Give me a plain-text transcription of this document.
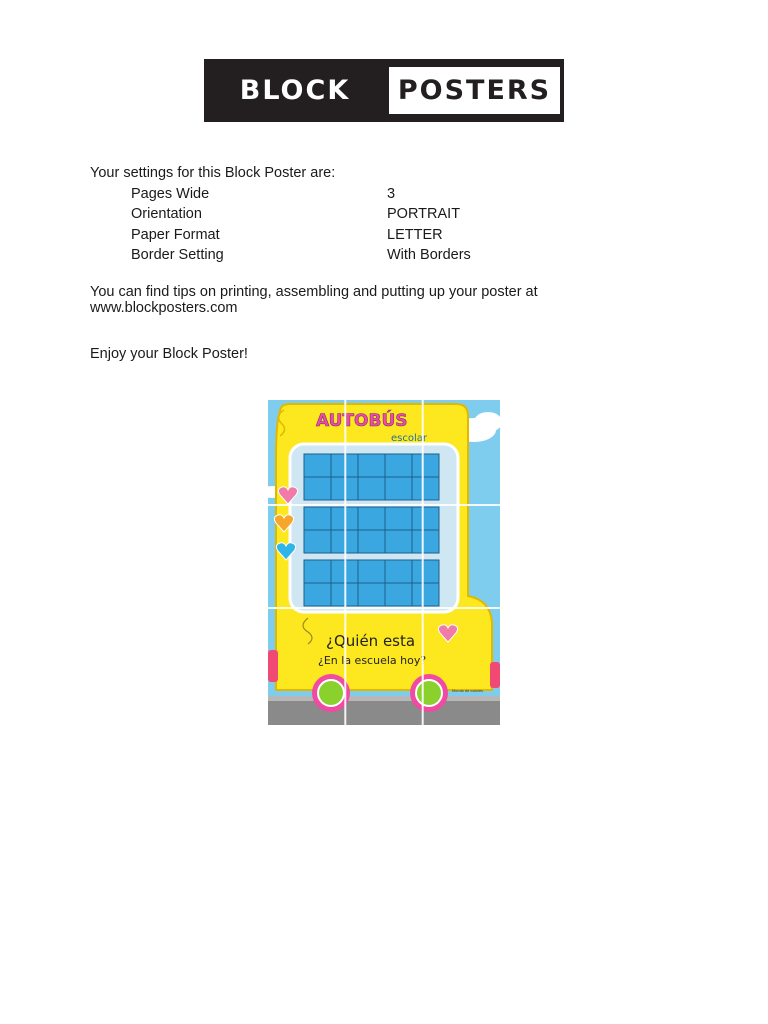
BLOCK	POSTERS
Your settings for this Block Poster are:
Pages Wide	3
Orientation	PORTRAIT
Paper Format	LETTER
Border Setting	With Borders
You can find tips on printing, assembling and putting up your poster at
www.blockposters.com
Enjoy your Block Poster!
AUTOBÚS
escolar
¿Quién esta
¿En la escuela hoy?
Mundo de colores
